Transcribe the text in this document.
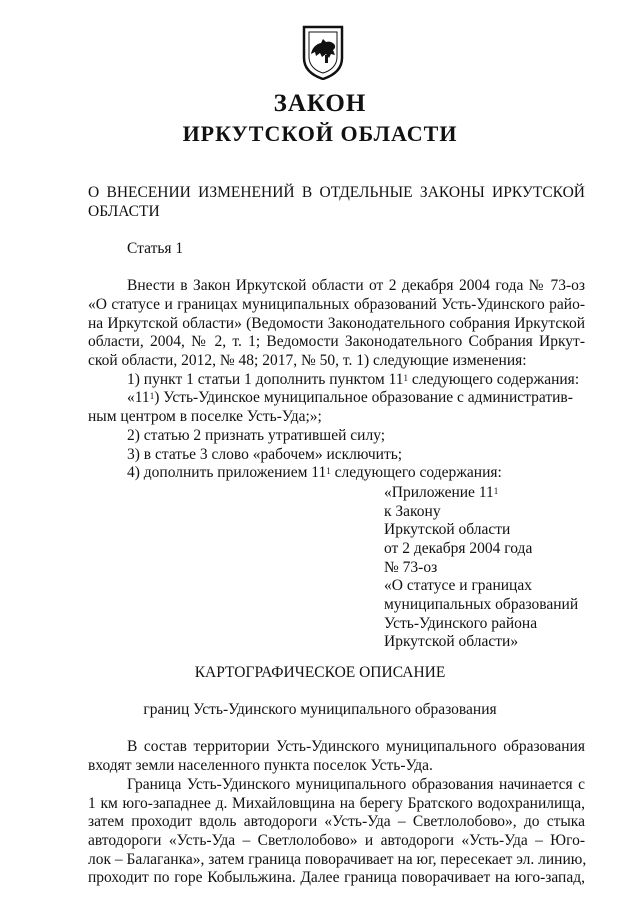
ЗАКОН
ИРКУТСКОЙ ОБЛАСТИ
О ВНЕСЕНИИ ИЗМЕНЕНИЙ В ОТДЕЛЬНЫЕ ЗАКОНЫ ИРКУТСКОЙ
ОБЛАСТИ
Статья 1
Внести в Закон Иркутской области от 2 декабря 2004 года № 73-оз
«О статусе и границах муниципальных образований Усть-Удинского райо-
на Иркутской области» (Ведомости Законодательного собрания Иркутской
области, 2004, № 2, т. 1; Ведомости Законодательного Собрания Иркут-
ской области, 2012, № 48; 2017, № 50, т. 1) следующие изменения:
1) пункт 1 статьи 1 дополнить пунктом $11^1$ следующего содержания:
«$11^1$) Усть-Удинское муниципальное образование с административ-
ным центром в поселке Усть-Уда;»;
2) статью 2 признать утратившей силу;
3) в статье 3 слово «рабочем» исключить;
4) дополнить приложением $11^1$ следующего содержания:
«Приложение $11^1$
к Закону
Иркутской области
от 2 декабря 2004 года
№ 73-оз
«О статусе и границах
муниципальных образований
Усть-Удинского района
Иркутской области»
КАРТОГРАФИЧЕСКОЕ ОПИСАНИЕ
границ Усть-Удинского муниципального образования
В состав территории Усть-Удинского муниципального образования
входят земли населенного пункта поселок Усть-Уда.
Граница Усть-Удинского муниципального образования начинается с
1 км юго-западнее д. Михайловщина на берегу Братского водохранилища,
затем проходит вдоль автодороги «Усть-Уда – Светлолобово», до стыка
автодороги «Усть-Уда – Светлолобово» и автодороги «Усть-Уда – Юго-
лок – Балаганка», затем граница поворачивает на юг, пересекает эл. линию,
проходит по горе Кобыльжина. Далее граница поворачивает на юго-запад,
